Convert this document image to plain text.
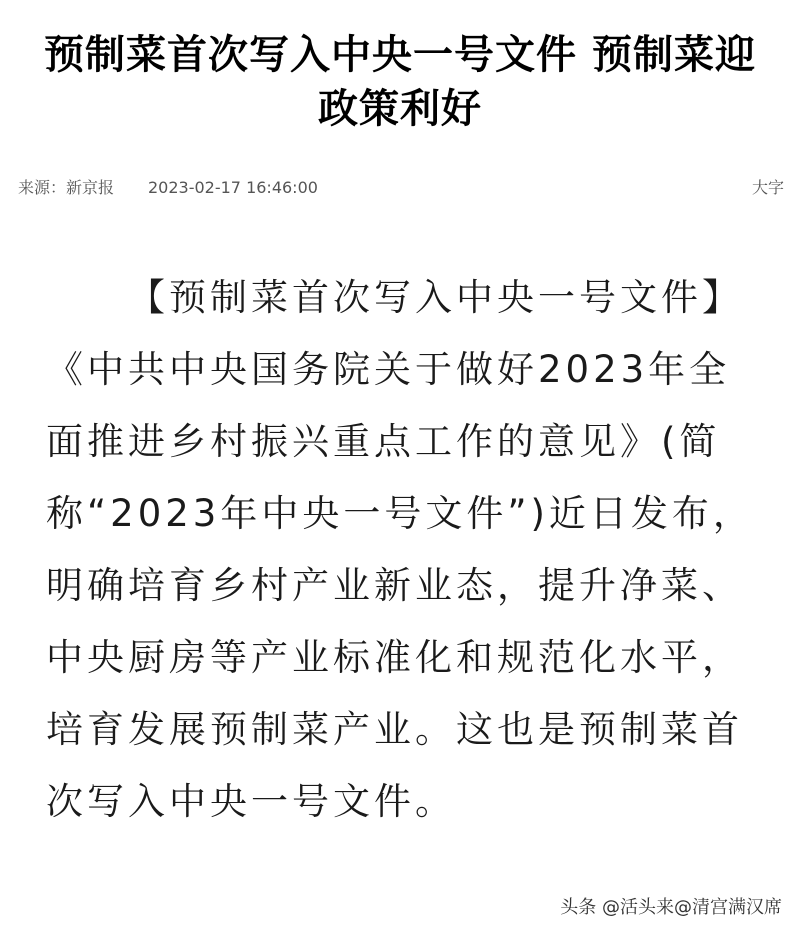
预制菜首次写入中央一号文件 预制菜迎政策利好
来源：新京报 2023-02-17 16:46:00	大字
【预制菜首次写入中央一号文件】《中共中央国务院关于做好2023年全面推进乡村振兴重点工作的意见》(简称“2023年中央一号文件”)近日发布，明确培育乡村产业新业态，提升净菜、中央厨房等产业标准化和规范化水平，培育发展预制菜产业。这也是预制菜首次写入中央一号文件。
头条 @活头来@清宫满汉席
